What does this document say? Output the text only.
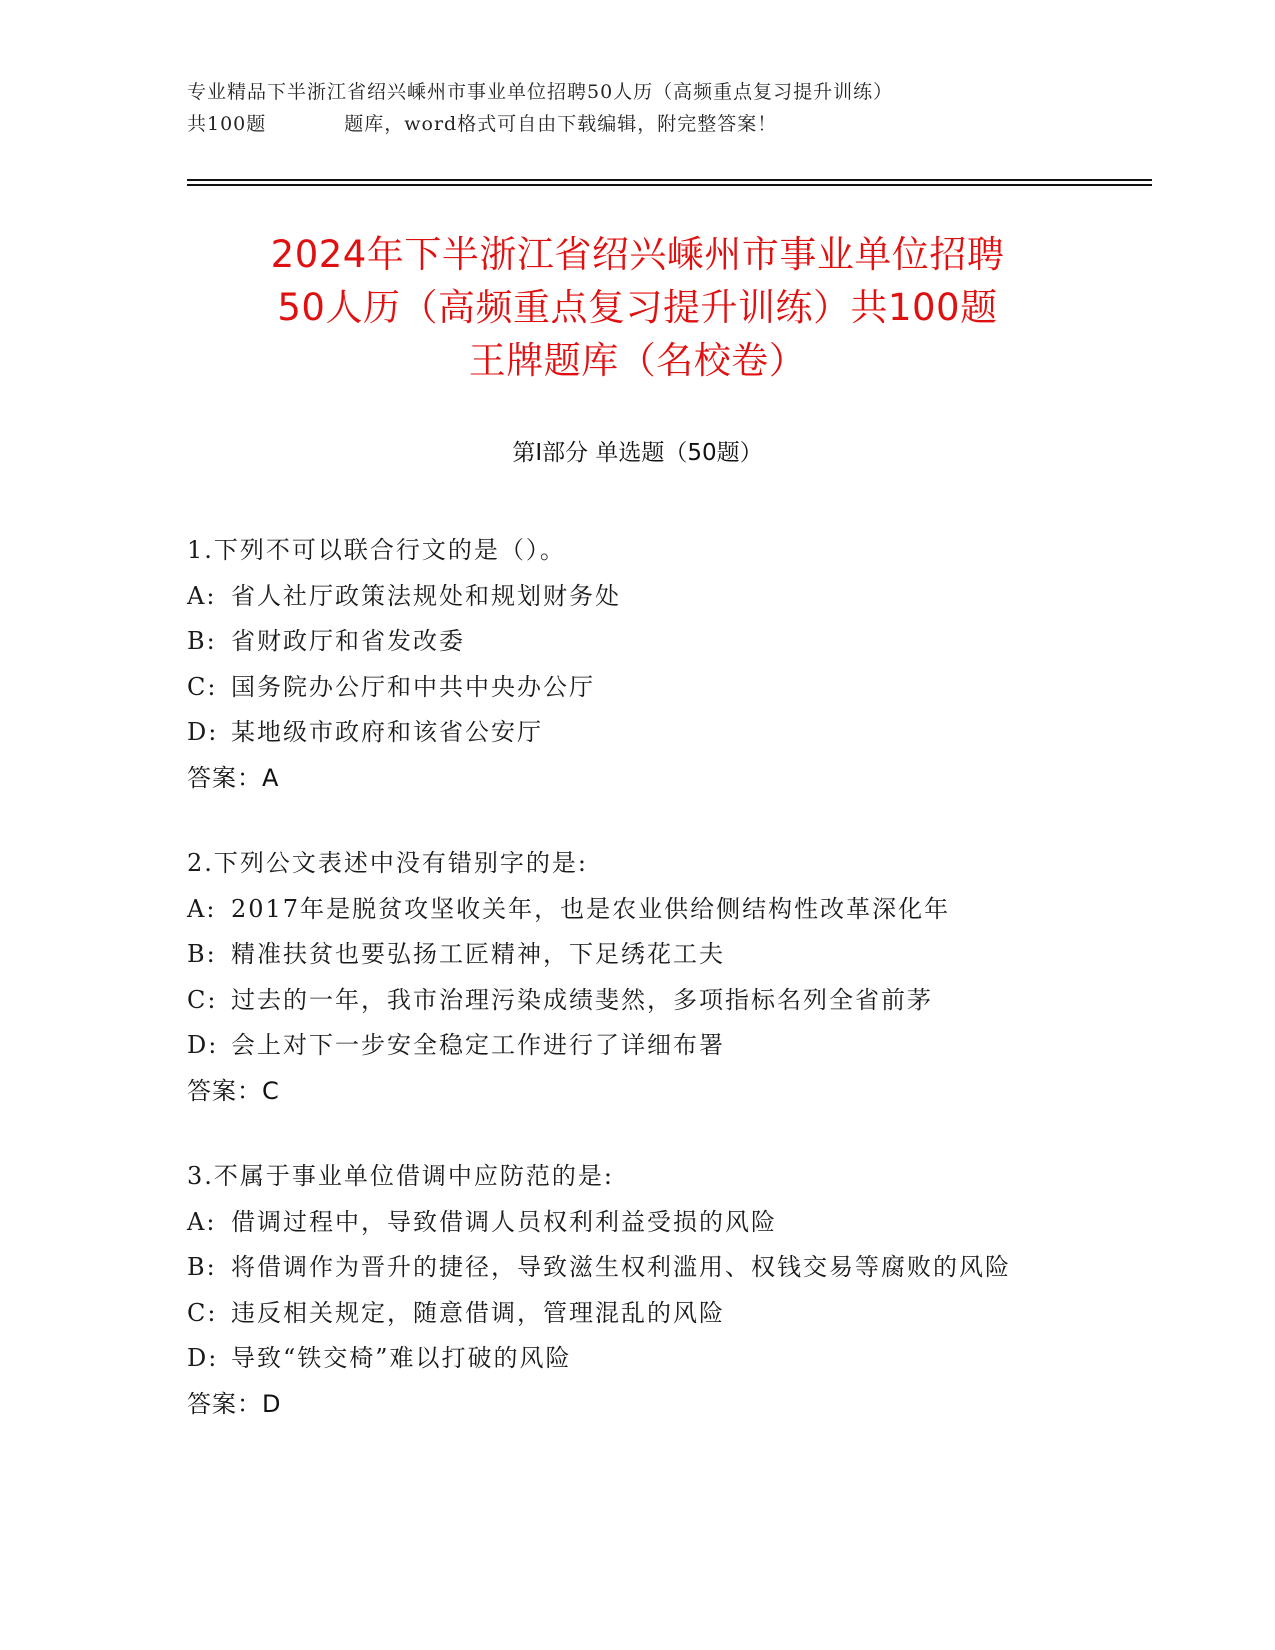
专业精品下半浙江省绍兴嵊州市事业单位招聘50人历（高频重点复习提升训练）
共100题	题库，word格式可自由下载编辑，附完整答案！
2024年下半浙江省绍兴嵊州市事业单位招聘
50人历（高频重点复习提升训练）共100题
王牌题库（名校卷）
第Ⅰ部分 单选题（50题）
1.下列不可以联合行文的是（）。
A: 省人社厅政策法规处和规划财务处
B: 省财政厅和省发改委
C: 国务院办公厅和中共中央办公厅
D: 某地级市政府和该省公安厅
答案：A
2.下列公文表述中没有错别字的是:
A: 2017年是脱贫攻坚收关年，也是农业供给侧结构性改革深化年
B: 精准扶贫也要弘扬工匠精神，下足绣花工夫
C: 过去的一年，我市治理污染成绩斐然，多项指标名列全省前茅
D: 会上对下一步安全稳定工作进行了详细布署
答案：C
3.不属于事业单位借调中应防范的是:
A: 借调过程中，导致借调人员权利利益受损的风险
B: 将借调作为晋升的捷径，导致滋生权利滥用、权钱交易等腐败的风险
C: 违反相关规定，随意借调，管理混乱的风险
D: 导致“铁交椅”难以打破的风险
答案：D
